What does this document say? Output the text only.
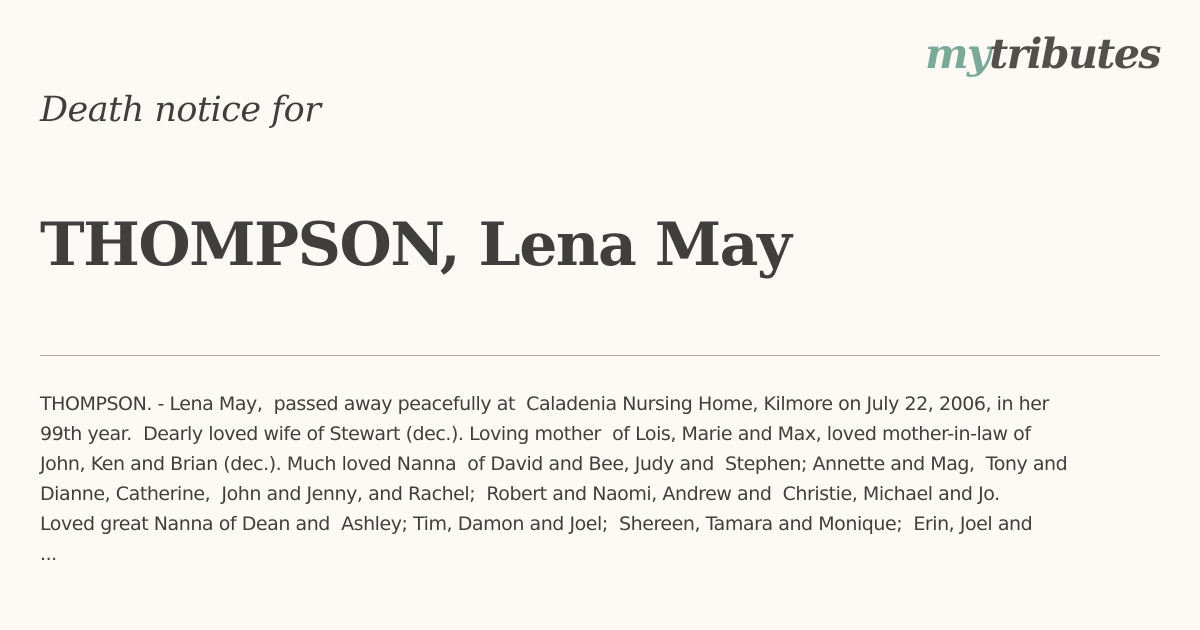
mytributes
Death notice for
THOMPSON, Lena May
THOMPSON. - Lena May,  passed away peacefully at  Caladenia Nursing Home, Kilmore on July 22, 2006, in her
99th year.  Dearly loved wife of Stewart (dec.). Loving mother  of Lois, Marie and Max, loved mother-in-law of
John, Ken and Brian (dec.). Much loved Nanna  of David and Bee, Judy and  Stephen; Annette and Mag,  Tony and
Dianne, Catherine,  John and Jenny, and Rachel;  Robert and Naomi, Andrew and  Christie, Michael and Jo.
Loved great Nanna of Dean and  Ashley; Tim, Damon and Joel;  Shereen, Tamara and Monique;  Erin, Joel and
...
